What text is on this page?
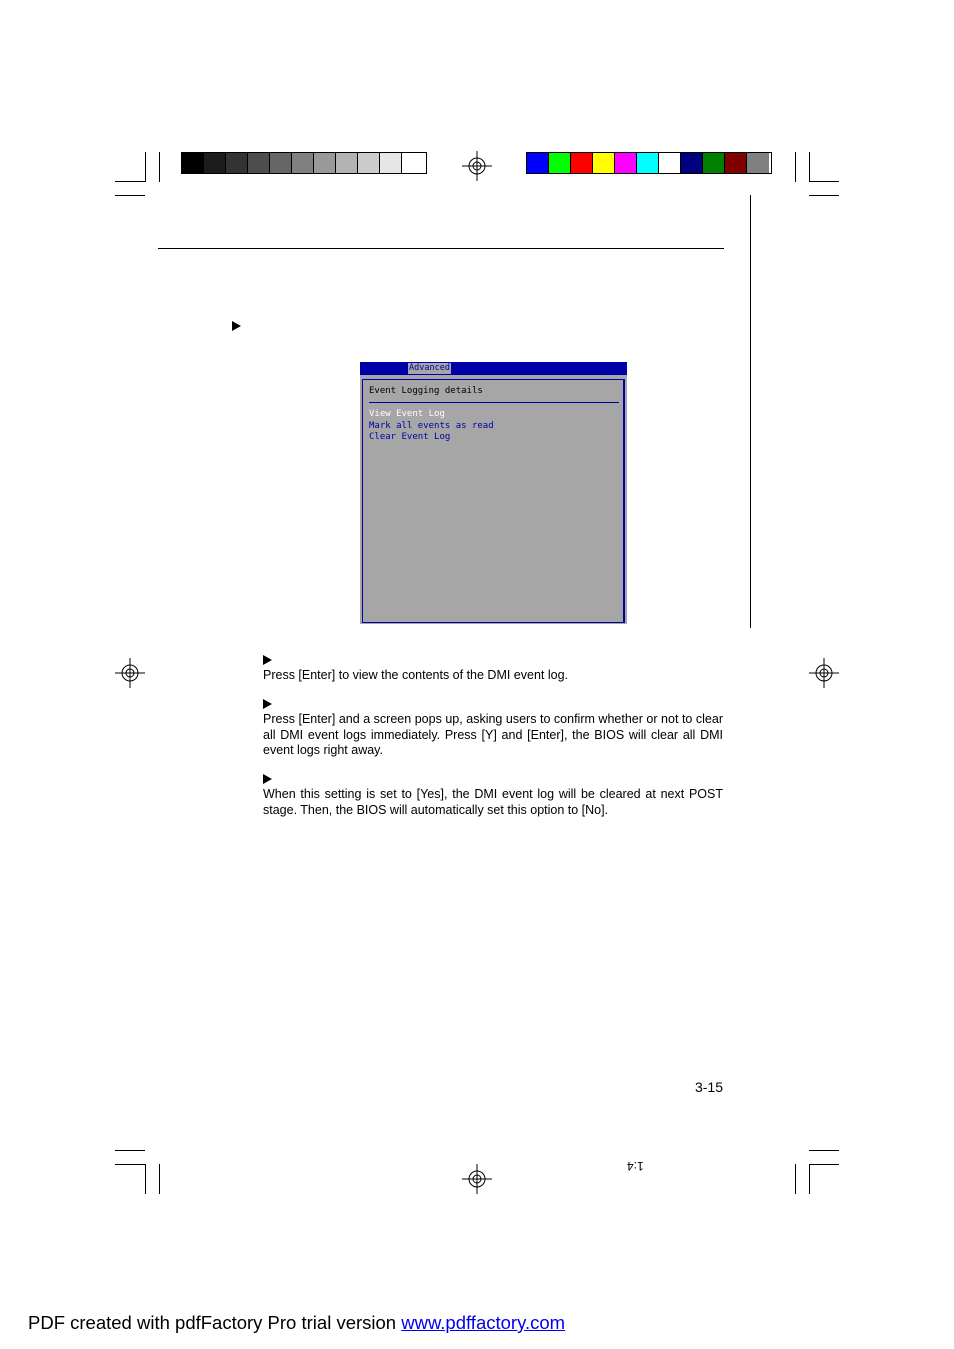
Advanced
Event Logging details
View Event Log
Mark all events as read
Clear Event Log
Press [Enter] to view the contents of the DMI event log.
Press [Enter] and a screen pops up, asking users to confirm whether or not to clear all DMI event logs immediately. Press [Y] and [Enter], the BIOS will clear all DMI event logs right away.
When this setting is set to [Yes], the DMI event log will be cleared at next POST stage. Then, the BIOS will automatically set this option to [No].
3-15
1:4
PDF created with pdfFactory Pro trial version www.pdffactory.com
